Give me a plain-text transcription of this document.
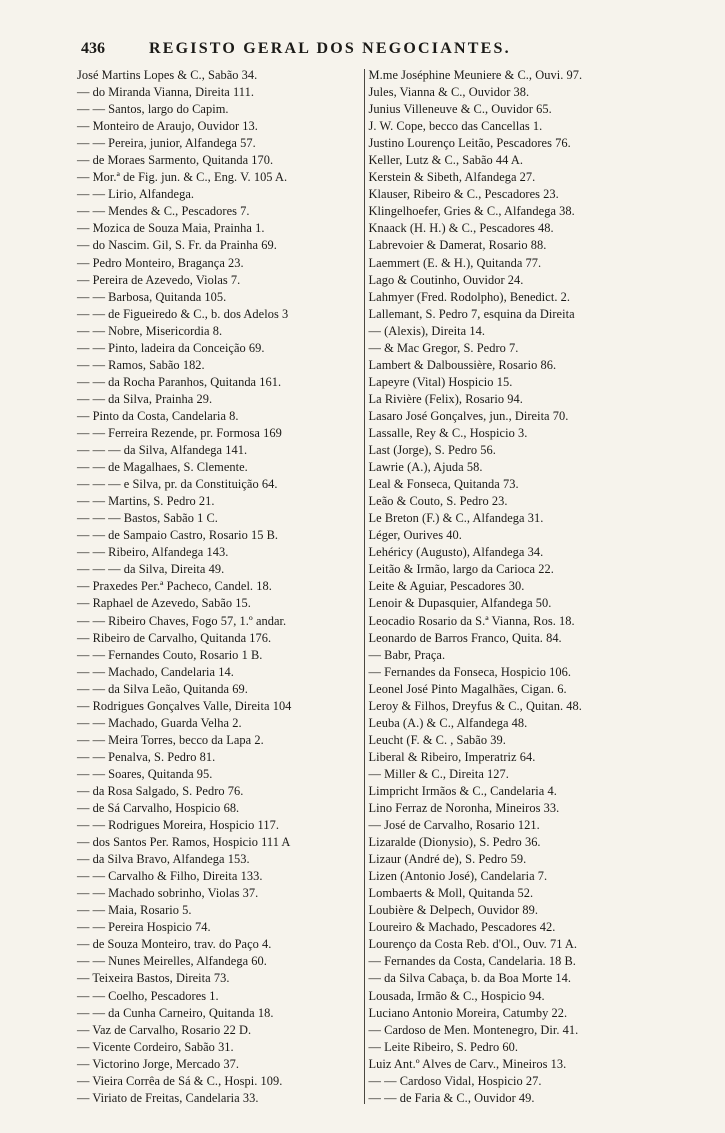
436	REGISTO GERAL DOS NEGOCIANTES.
José Martins Lopes & C., Sabão 34.
— do Miranda Vianna, Direita 111.
— — Santos, largo do Capim.
— Monteiro de Araujo, Ouvidor 13.
— — Pereira, junior, Alfandega 57.
— de Moraes Sarmento, Quitanda 170.
— Mor.ª de Fig. jun. & C., Eng. V. 105 A.
— — Lirio, Alfandega.
— — Mendes & C., Pescadores 7.
— Mozica de Souza Maia, Prainha 1.
— do Nascim. Gil, S. Fr. da Prainha 69.
— Pedro Monteiro, Bragança 23.
— Pereira de Azevedo, Violas 7.
— — Barbosa, Quitanda 105.
— — de Figueiredo & C., b. dos Adelos 3
— — Nobre, Misericordia 8.
— — Pinto, ladeira da Conceição 69.
— — Ramos, Sabão 182.
— — da Rocha Paranhos, Quitanda 161.
— — da Silva, Prainha 29.
— Pinto da Costa, Candelaria 8.
— — Ferreira Rezende, pr. Formosa 169
— — — da Silva, Alfandega 141.
— — de Magalhaes, S. Clemente.
— — — e Silva, pr. da Constituição 64.
— — Martins, S. Pedro 21.
— — — Bastos, Sabão 1 C.
— — de Sampaio Castro, Rosario 15 B.
— — Ribeiro, Alfandega 143.
— — — da Silva, Direita 49.
— Praxedes Per.ª Pacheco, Candel. 18.
— Raphael de Azevedo, Sabão 15.
— — Ribeiro Chaves, Fogo 57, 1.º andar.
— Ribeiro de Carvalho, Quitanda 176.
— — Fernandes Couto, Rosario 1 B.
— — Machado, Candelaria 14.
— — da Silva Leão, Quitanda 69.
— Rodrigues Gonçalves Valle, Direita 104
— — Machado, Guarda Velha 2.
— — Meira Torres, becco da Lapa 2.
— — Penalva, S. Pedro 81.
— — Soares, Quitanda 95.
— da Rosa Salgado, S. Pedro 76.
— de Sá Carvalho, Hospicio 68.
— — Rodrigues Moreira, Hospicio 117.
— dos Santos Per. Ramos, Hospicio 111 A
— da Silva Bravo, Alfandega 153.
— — Carvalho & Filho, Direita 133.
— — Machado sobrinho, Violas 37.
— — Maia, Rosario 5.
— — Pereira Hospicio 74.
— de Souza Monteiro, trav. do Paço 4.
— — Nunes Meirelles, Alfandega 60.
— Teixeira Bastos, Direita 73.
— — Coelho, Pescadores 1.
— — da Cunha Carneiro, Quitanda 18.
— Vaz de Carvalho, Rosario 22 D.
— Vicente Cordeiro, Sabão 31.
— Victorino Jorge, Mercado 37.
— Vieira Corrêa de Sá & C., Hospi. 109.
— Viriato de Freitas, Candelaria 33.
M.me Joséphine Meuniere & C., Ouvi. 97.
Jules, Vianna & C., Ouvidor 38.
Junius Villeneuve & C., Ouvidor 65.
J. W. Cope, becco das Cancellas 1.
Justino Lourenço Leitão, Pescadores 76.
Keller, Lutz & C., Sabão 44 A.
Kerstein & Sibeth, Alfandega 27.
Klauser, Ribeiro & C., Pescadores 23.
Klingelhoefer, Gries & C., Alfandega 38.
Knaack (H. H.) & C., Pescadores 48.
Labrevoier & Damerat, Rosario 88.
Laemmert (E. & H.), Quitanda 77.
Lago & Coutinho, Ouvidor 24.
Lahmyer (Fred. Rodolpho), Benedict. 2.
Lallemant, S. Pedro 7, esquina da Direita
— (Alexis), Direita 14.
— & Mac Gregor, S. Pedro 7.
Lambert & Dalboussière, Rosario 86.
Lapeyre (Vital) Hospicio 15.
La Rivière (Felix), Rosario 94.
Lasaro José Gonçalves, jun., Direita 70.
Lassalle, Rey & C., Hospicio 3.
Last (Jorge), S. Pedro 56.
Lawrie (A.), Ajuda 58.
Leal & Fonseca, Quitanda 73.
Leão & Couto, S. Pedro 23.
Le Breton (F.) & C., Alfandega 31.
Léger, Ourives 40.
Lehéricy (Augusto), Alfandega 34.
Leitão & Irmão, largo da Carioca 22.
Leite & Aguiar, Pescadores 30.
Lenoir & Dupasquier, Alfandega 50.
Leocadio Rosario da S.ª Vianna, Ros. 18.
Leonardo de Barros Franco, Quita. 84.
— Babr, Praça.
— Fernandes da Fonseca, Hospicio 106.
Leonel José Pinto Magalhães, Cigan. 6.
Leroy & Filhos, Dreyfus & C., Quitan. 48.
Leuba (A.) & C., Alfandega 48.
Leucht (F. & C. , Sabão 39.
Liberal & Ribeiro, Imperatriz 64.
— Miller & C., Direita 127.
Limpricht Irmãos & C., Candelaria 4.
Lino Ferraz de Noronha, Mineiros 33.
— José de Carvalho, Rosario 121.
Lizaralde (Dionysio), S. Pedro 36.
Lizaur (André de), S. Pedro 59.
Lizen (Antonio José), Candelaria 7.
Lombaerts & Moll, Quitanda 52.
Loubière & Delpech, Ouvidor 89.
Loureiro & Machado, Pescadores 42.
Lourenço da Costa Reb. d'Ol., Ouv. 71 A.
— Fernandes da Costa, Candelaria. 18 B.
— da Silva Cabaça, b. da Boa Morte 14.
Lousada, Irmão & C., Hospicio 94.
Luciano Antonio Moreira, Catumby 22.
— Cardoso de Men. Montenegro, Dir. 41.
— Leite Ribeiro, S. Pedro 60.
Luiz Ant.º Alves de Carv., Mineiros 13.
— — Cardoso Vidal, Hospicio 27.
— — de Faria & C., Ouvidor 49.
